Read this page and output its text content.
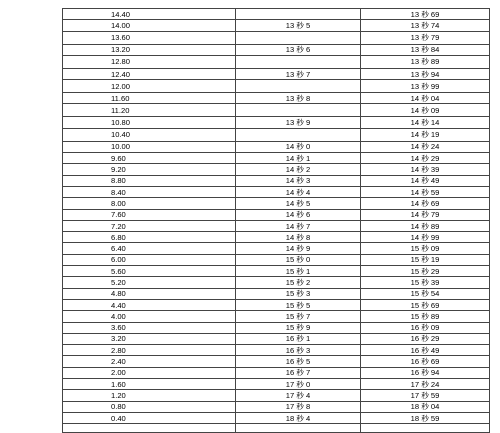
14.40		13 秒 69
14.00	13 秒 5	13 秒 74
13.60		13 秒 79
13.20	13 秒 6	13 秒 84
12.80		13 秒 89
12.40	13 秒 7	13 秒 94
12.00		13 秒 99
11.60	13 秒 8	14 秒 04
11.20		14 秒 09
10.80	13 秒 9	14 秒 14
10.40		14 秒 19
10.00	14 秒 0	14 秒 24
9.60	14 秒 1	14 秒 29
9.20	14 秒 2	14 秒 39
8.80	14 秒 3	14 秒 49
8.40	14 秒 4	14 秒 59
8.00	14 秒 5	14 秒 69
7.60	14 秒 6	14 秒 79
7.20	14 秒 7	14 秒 89
6.80	14 秒 8	14 秒 99
6.40	14 秒 9	15 秒 09
6.00	15 秒 0	15 秒 19
5.60	15 秒 1	15 秒 29
5.20	15 秒 2	15 秒 39
4.80	15 秒 3	15 秒 54
4.40	15 秒 5	15 秒 69
4.00	15 秒 7	15 秒 89
3.60	15 秒 9	16 秒 09
3.20	16 秒 1	16 秒 29
2.80	16 秒 3	16 秒 49
2.40	16 秒 5	16 秒 69
2.00	16 秒 7	16 秒 94
1.60	17 秒 0	17 秒 24
1.20	17 秒 4	17 秒 59
0.80	17 秒 8	18 秒 04
0.40	18 秒 4	18 秒 59
